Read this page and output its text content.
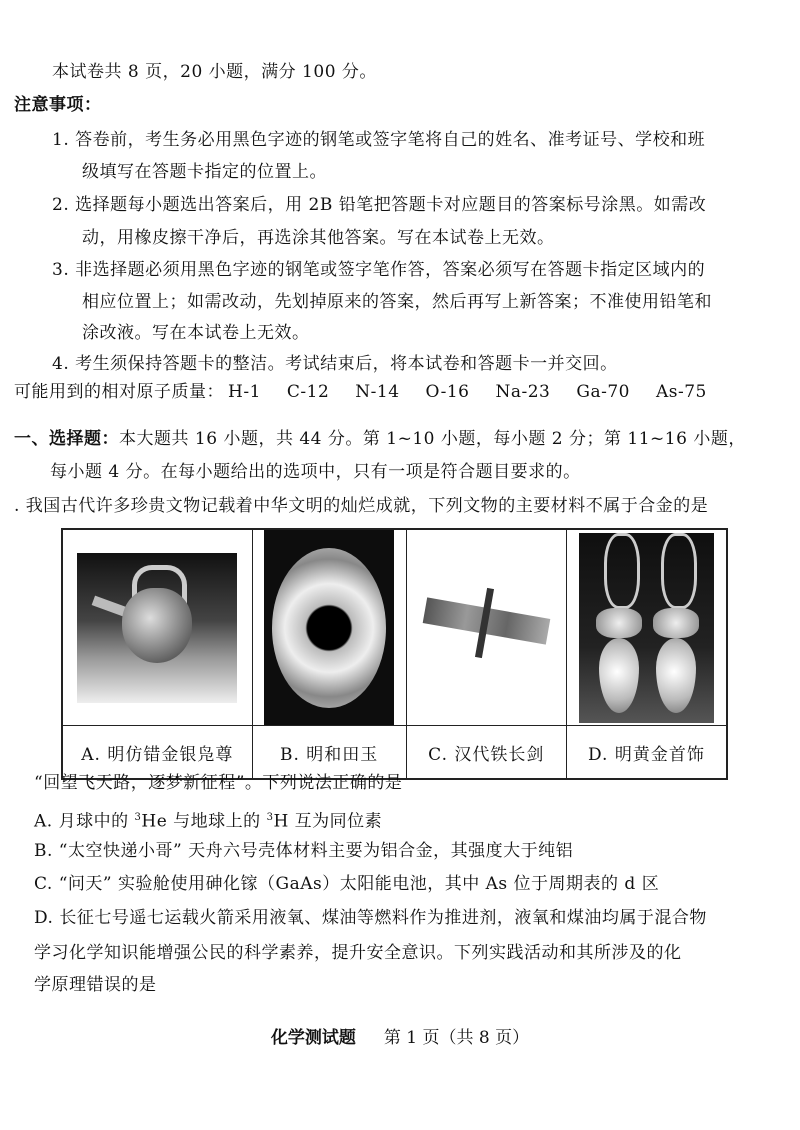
本试卷共 8 页，20 小题，满分 100 分。
注意事项：
1. 答卷前，考生务必用黑色字迹的钢笔或签字笔将自己的姓名、准考证号、学校和班
级填写在答题卡指定的位置上。
2. 选择题每小题选出答案后，用 2B 铅笔把答题卡对应题目的答案标号涂黑。如需改
动，用橡皮擦干净后，再选涂其他答案。写在本试卷上无效。
3. 非选择题必须用黑色字迹的钢笔或签字笔作答，答案必须写在答题卡指定区域内的
相应位置上；如需改动，先划掉原来的答案，然后再写上新答案；不准使用铅笔和
涂改液。写在本试卷上无效。
4. 考生须保持答题卡的整洁。考试结束后，将本试卷和答题卡一并交回。
可能用到的相对原子质量： H-1 C-12 N-14 O-16 Na-23 Ga-70 As-75
一、选择题：本大题共 16 小题，共 44 分。第 1~10 小题，每小题 2 分；第 11~16 小题，
每小题 4 分。在每小题给出的选项中，只有一项是符合题目要求的。
. 我国古代许多珍贵文物记载着中华文明的灿烂成就，下列文物的主要材料不属于合金的是

A. 明仿错金银凫尊	B. 明和田玉	C. 汉代铁长剑	D. 明黄金首饰
“回望飞天路，逐梦新征程”。下列说法正确的是
A. 月球中的 $^3$He 与地球上的 $^3$H 互为同位素
B. “太空快递小哥” 天舟六号壳体材料主要为铝合金，其强度大于纯铝
C. “问天” 实验舱使用砷化镓（GaAs）太阳能电池，其中 As 位于周期表的 d 区
D. 长征七号遥七运载火箭采用液氧、煤油等燃料作为推进剂，液氧和煤油均属于混合物
学习化学知识能增强公民的科学素养，提升安全意识。下列实践活动和其所涉及的化
学原理错误的是
化学测试题 第 1 页（共 8 页）
